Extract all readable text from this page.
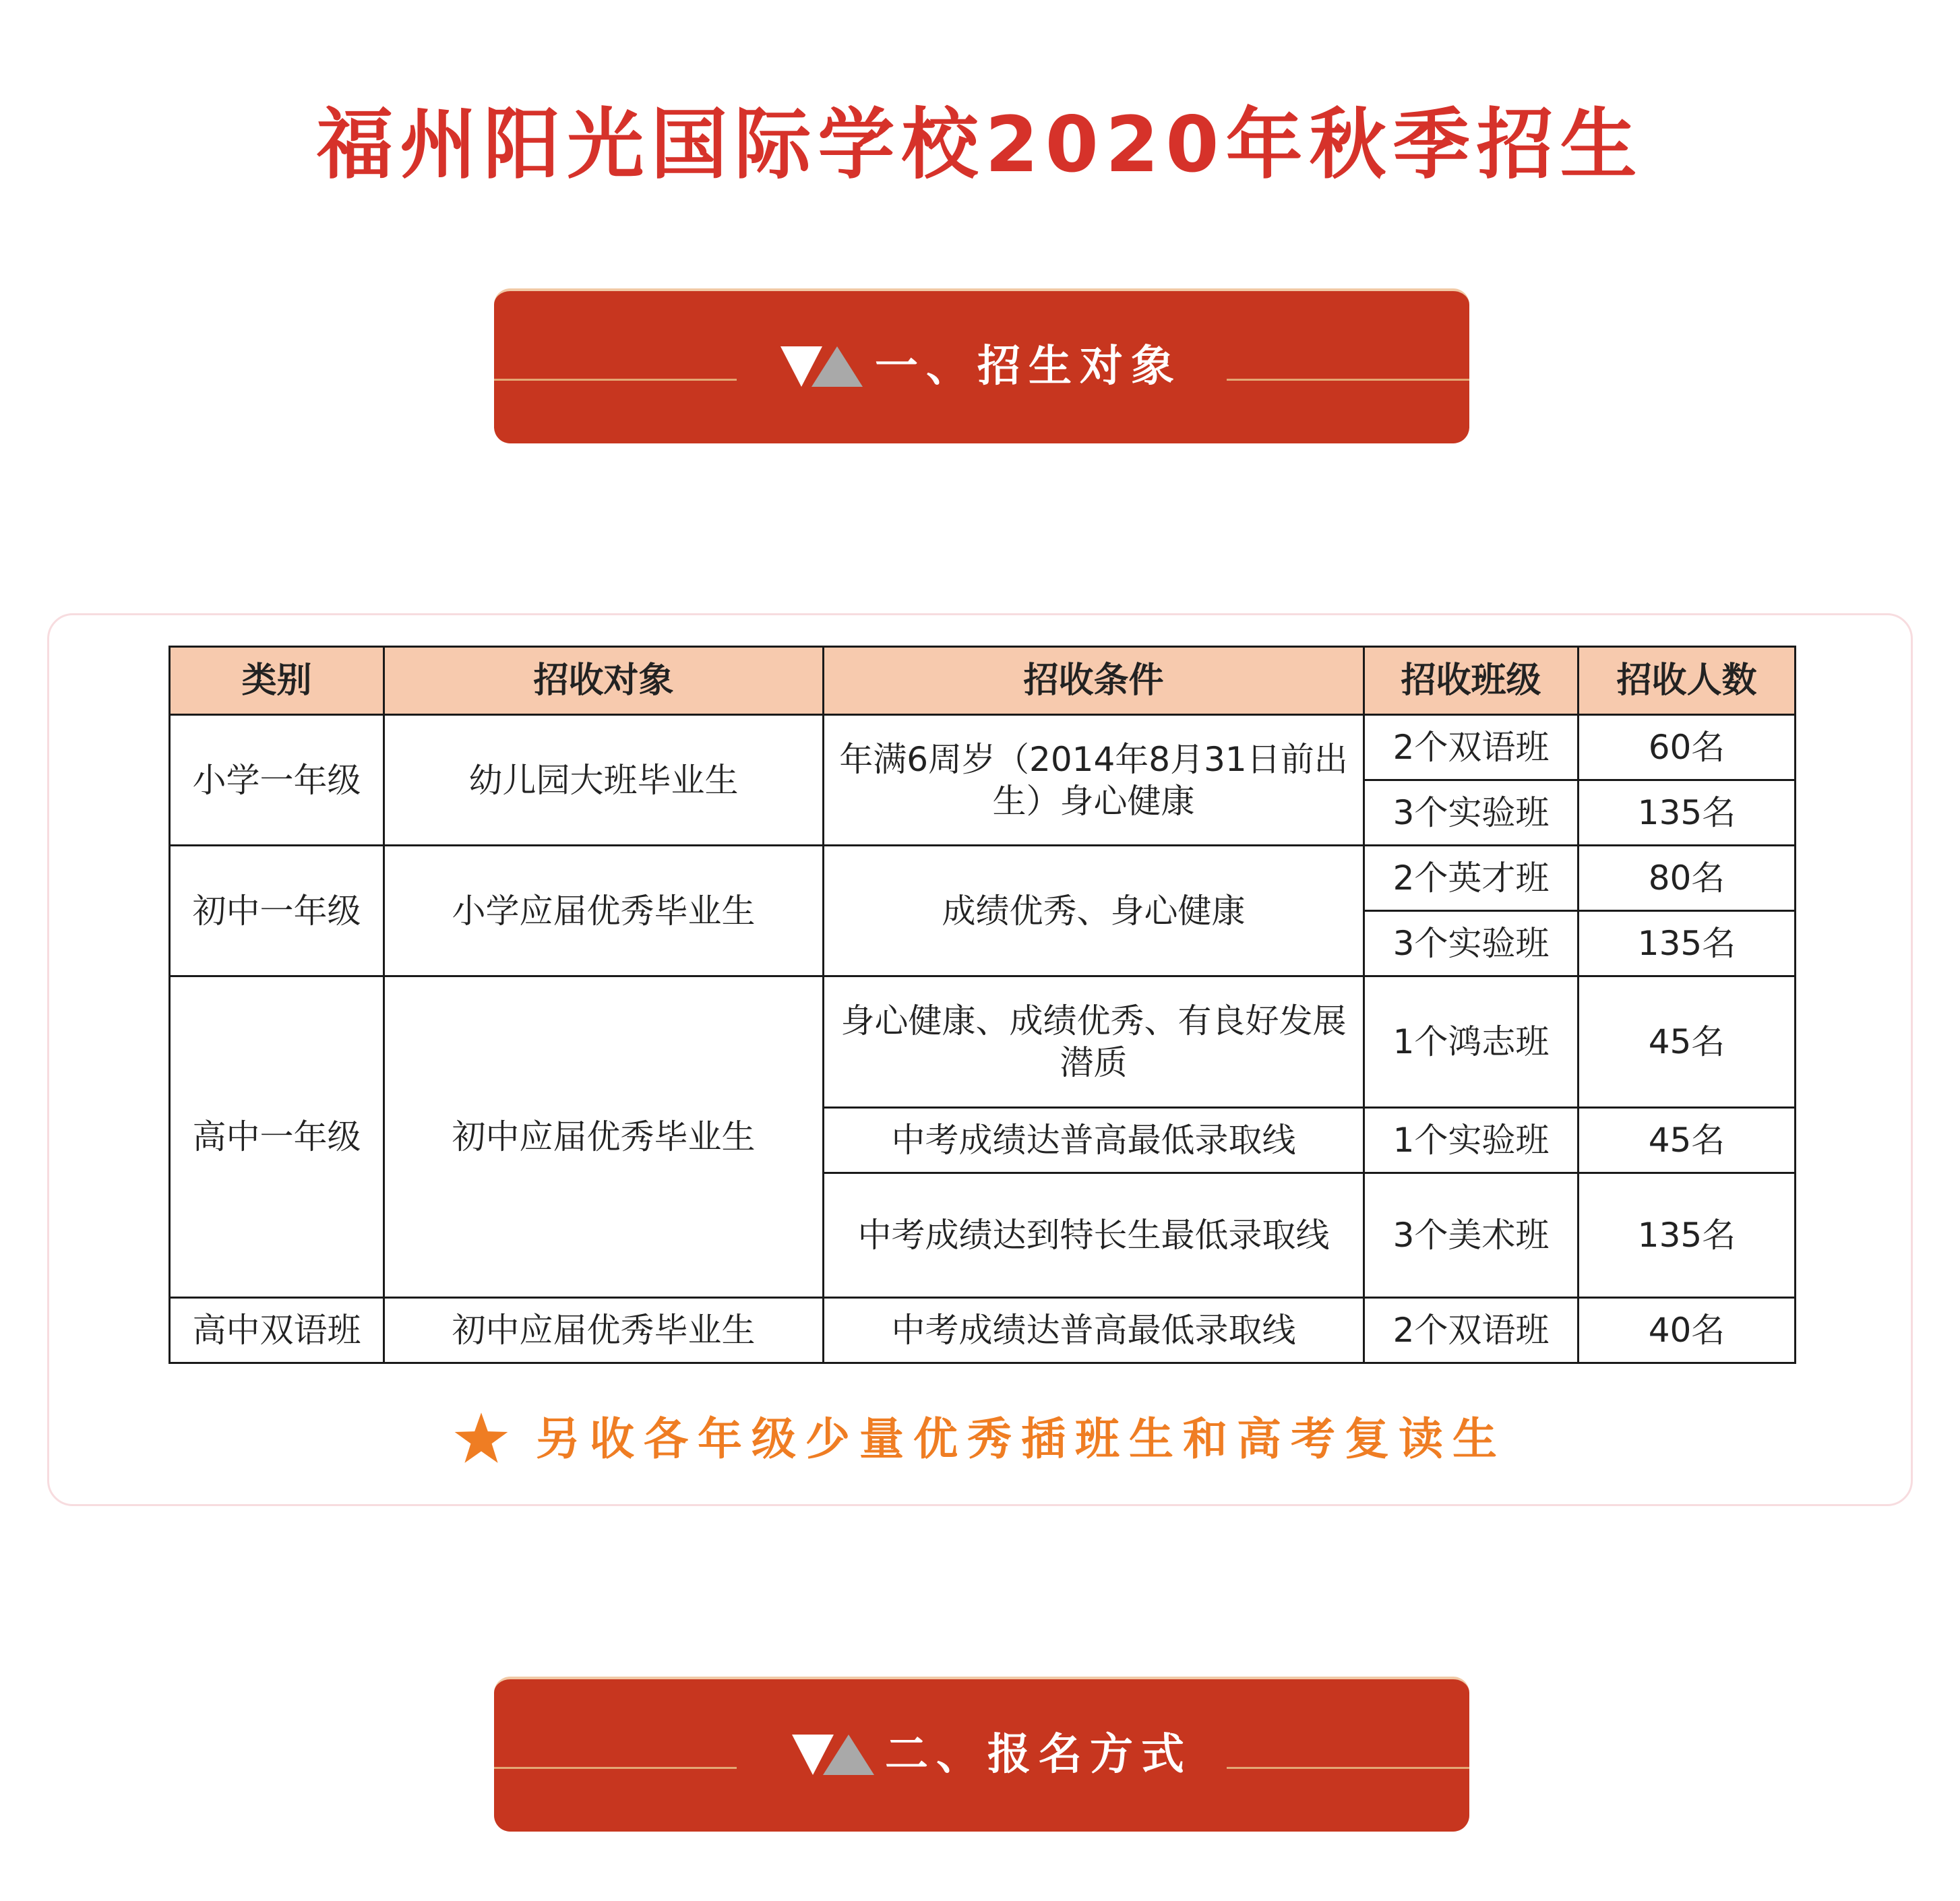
福州阳光国际学校2020年秋季招生
一、招生对象
类别	招收对象	招收条件	招收班级	招收人数
小学一年级	幼儿园大班毕业生	年满6周岁（2014年8月31日前出生）身心健康	2个双语班	60名
			3个实验班	135名
初中一年级	小学应届优秀毕业生	成绩优秀、身心健康	2个英才班	80名
			3个实验班	135名
高中一年级	初中应届优秀毕业生	身心健康、成绩优秀、有良好发展潜质	1个鸿志班	45名
		中考成绩达普高最低录取线	1个实验班	45名
		中考成绩达到特长生最低录取线	3个美术班	135名
高中双语班	初中应届优秀毕业生	中考成绩达普高最低录取线	2个双语班	40名
另收各年级少量优秀插班生和高考复读生
二、报名方式
